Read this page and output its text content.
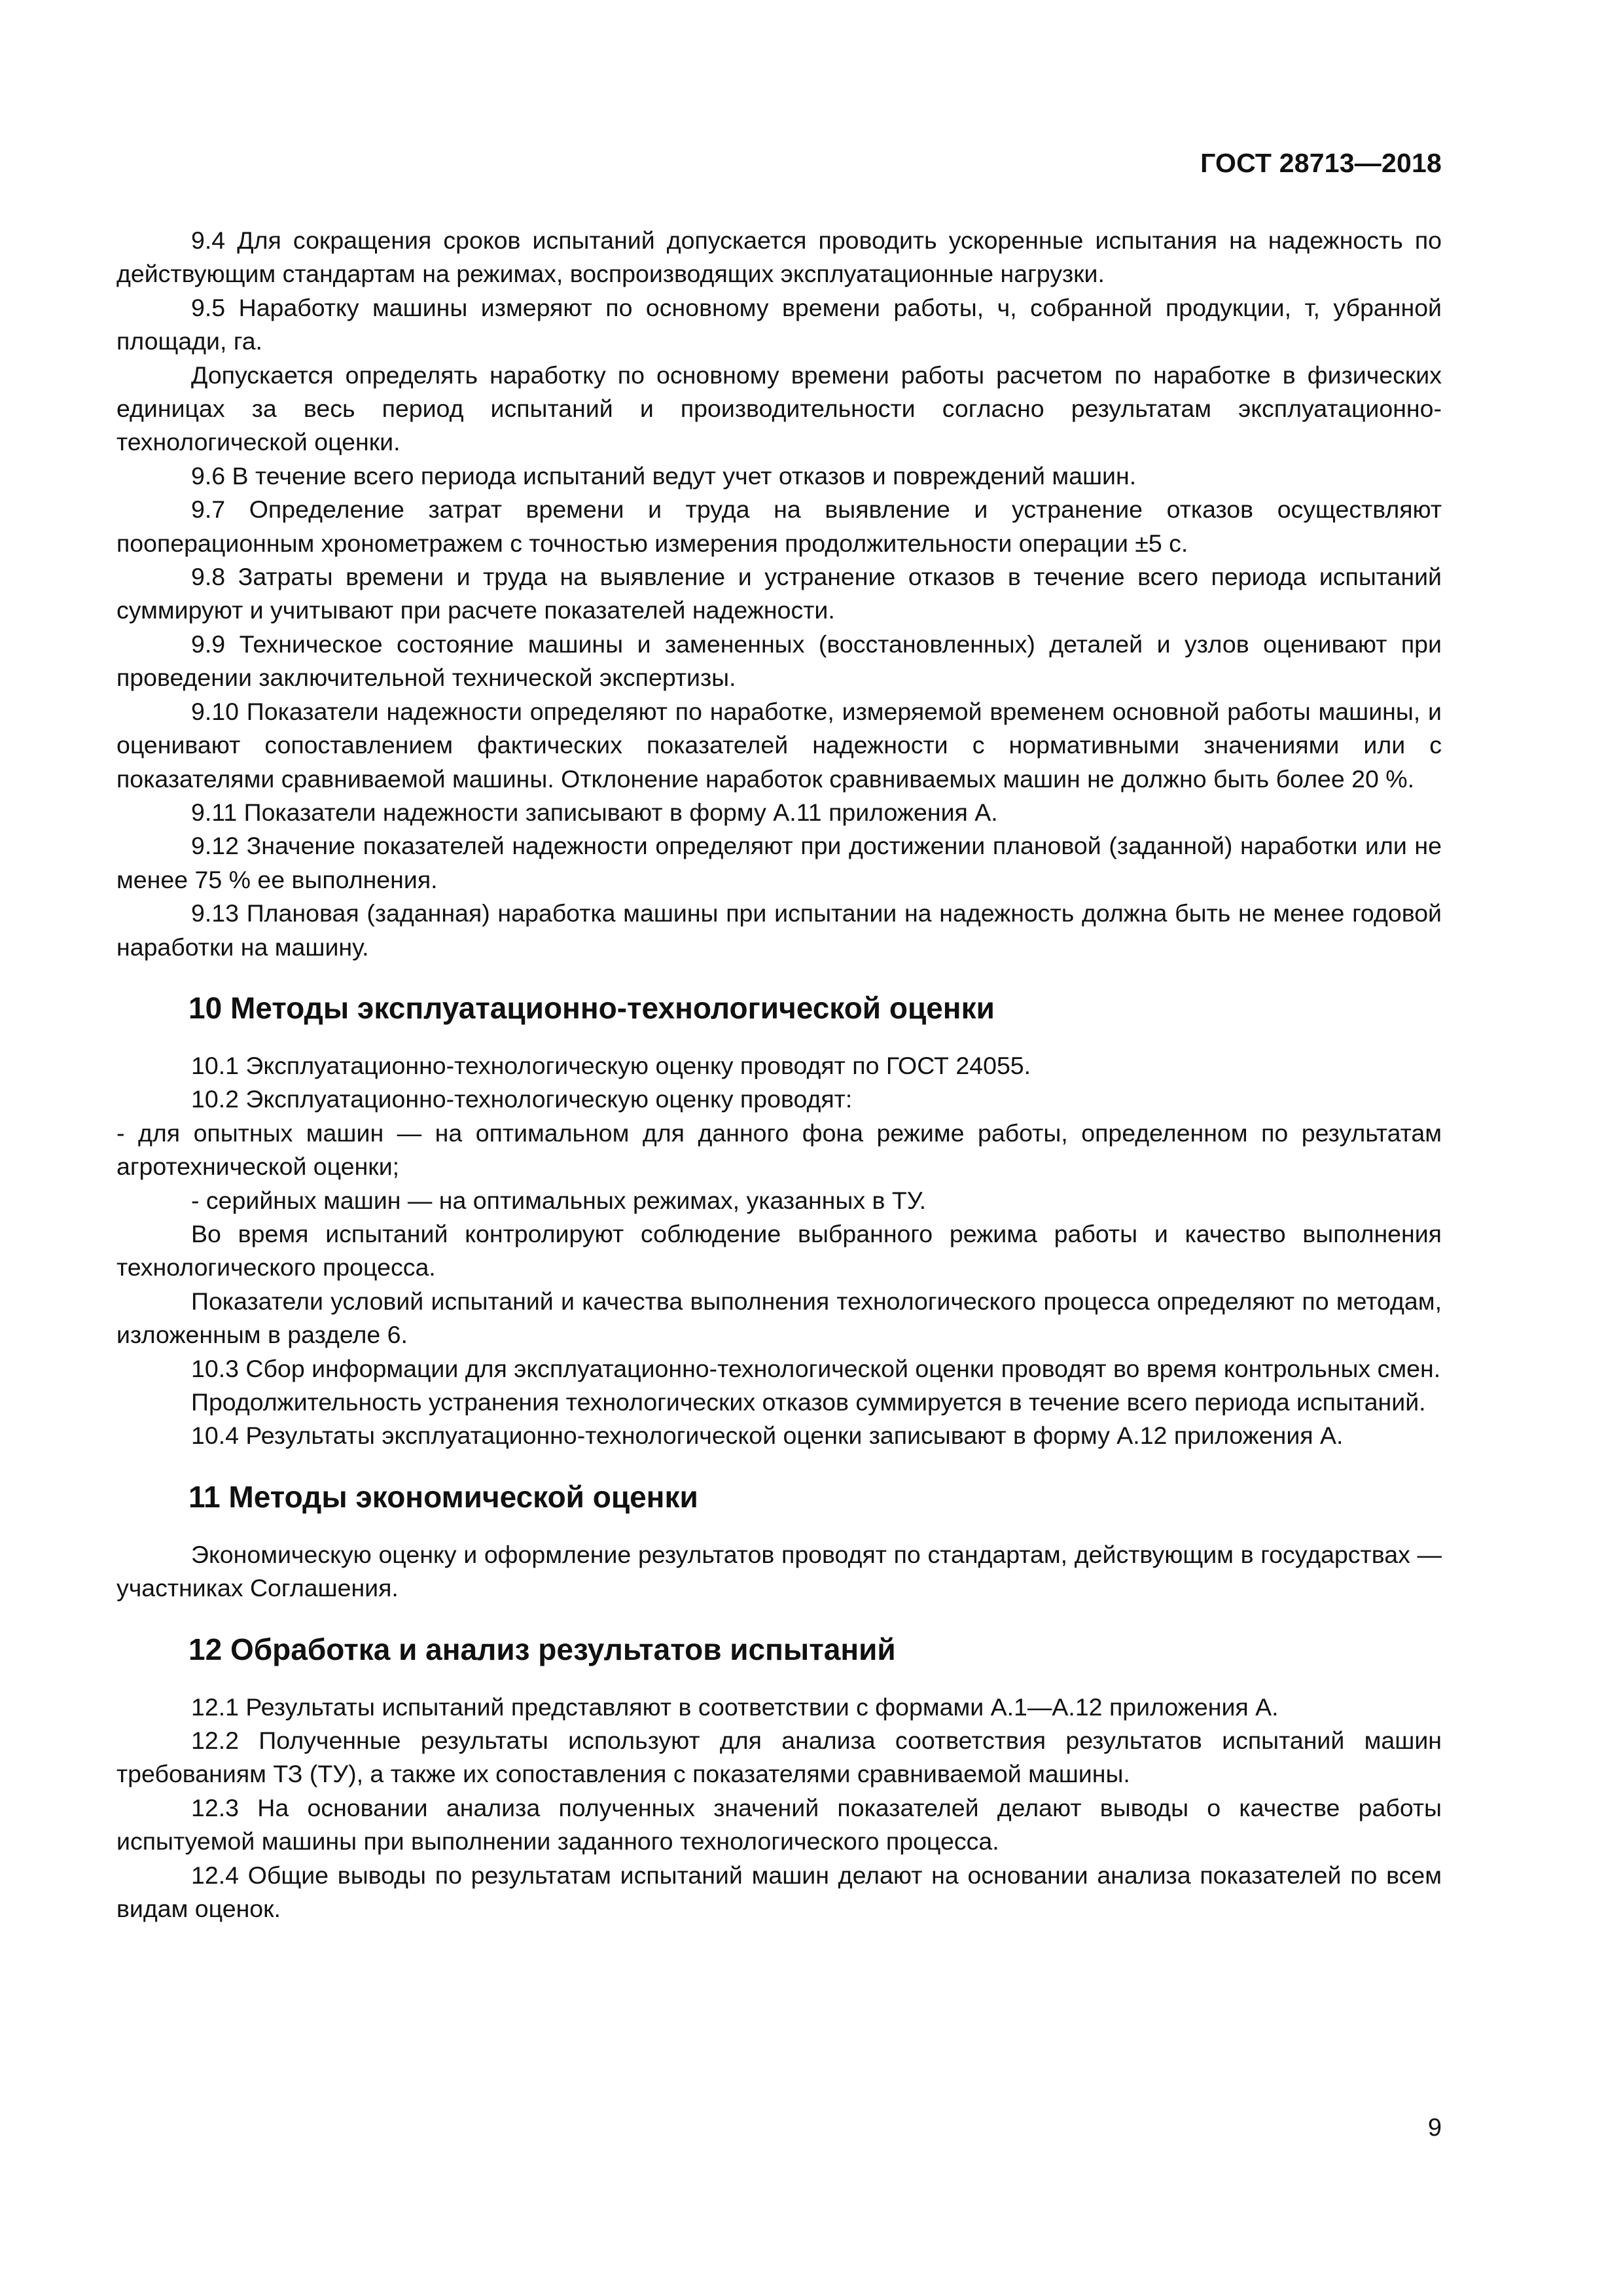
ГОСТ 28713—2018

9.4 Для сокращения сроков испытаний допускается проводить ускоренные испытания на надежность по действующим стандартам на режимах, воспроизводящих эксплуатационные нагрузки.

9.5 Наработку машины измеряют по основному времени работы, ч, собранной продукции, т, убранной площади, га.

Допускается определять наработку по основному времени работы расчетом по наработке в физических единицах за весь период испытаний и производительности согласно результатам эксплуатационно-технологической оценки.

9.6 В течение всего периода испытаний ведут учет отказов и повреждений машин.

9.7 Определение затрат времени и труда на выявление и устранение отказов осуществляют пооперационным хронометражем с точностью измерения продолжительности операции ±5 с.

9.8 Затраты времени и труда на выявление и устранение отказов в течение всего периода испытаний суммируют и учитывают при расчете показателей надежности.

9.9 Техническое состояние машины и замененных (восстановленных) деталей и узлов оценивают при проведении заключительной технической экспертизы.

9.10 Показатели надежности определяют по наработке, измеряемой временем основной работы машины, и оценивают сопоставлением фактических показателей надежности с нормативными значениями или с показателями сравниваемой машины. Отклонение наработок сравниваемых машин не должно быть более 20 %.

9.11 Показатели надежности записывают в форму А.11 приложения А.

9.12 Значение показателей надежности определяют при достижении плановой (заданной) наработки или не менее 75 % ее выполнения.

9.13 Плановая (заданная) наработка машины при испытании на надежность должна быть не менее годовой наработки на машину.

10 Методы эксплуатационно-технологической оценки

10.1 Эксплуатационно-технологическую оценку проводят по ГОСТ 24055.

10.2 Эксплуатационно-технологическую оценку проводят:

- для опытных машин — на оптимальном для данного фона режиме работы, определенном по результатам агротехнической оценки;

- серийных машин — на оптимальных режимах, указанных в ТУ.

Во время испытаний контролируют соблюдение выбранного режима работы и качество выполнения технологического процесса.

Показатели условий испытаний и качества выполнения технологического процесса определяют по методам, изложенным в разделе 6.

10.3 Сбор информации для эксплуатационно-технологической оценки проводят во время контрольных смен.

Продолжительность устранения технологических отказов суммируется в течение всего периода испытаний.

10.4 Результаты эксплуатационно-технологической оценки записывают в форму А.12 приложения А.

11 Методы экономической оценки

Экономическую оценку и оформление результатов проводят по стандартам, действующим в государствах — участниках Соглашения.

12 Обработка и анализ результатов испытаний

12.1 Результаты испытаний представляют в соответствии с формами А.1—А.12 приложения А.

12.2 Полученные результаты используют для анализа соответствия результатов испытаний машин требованиям ТЗ (ТУ), а также их сопоставления с показателями сравниваемой машины.

12.3 На основании анализа полученных значений показателей делают выводы о качестве работы испытуемой машины при выполнении заданного технологического процесса.

12.4 Общие выводы по результатам испытаний машин делают на основании анализа показателей по всем видам оценок.

9
